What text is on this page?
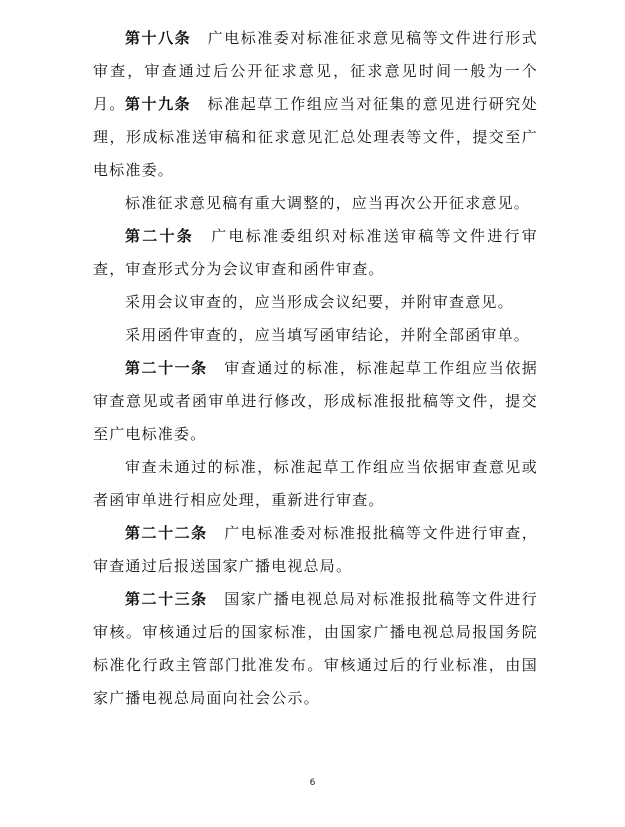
第十八条　广电标准委对标准征求意见稿等文件进行形式审查，审查通过后公开征求意见，征求意见时间一般为一个月。 第十九条　标准起草工作组应当对征集的意见进行研究处理，形成标准送审稿和征求意见汇总处理表等文件，提交至广电标准委。

标准征求意见稿有重大调整的，应当再次公开征求意见。

第二十条　广电标准委组织对标准送审稿等文件进行审查，审查形式分为会议审查和函件审查。

采用会议审查的，应当形成会议纪要，并附审查意见。

采用函件审查的，应当填写函审结论，并附全部函审单。

第二十一条　审查通过的标准，标准起草工作组应当依据审查意见或者函审单进行修改，形成标准报批稿等文件，提交至广电标准委。

审查未通过的标准，标准起草工作组应当依据审查意见或者函审单进行相应处理，重新进行审查。

第二十二条　广电标准委对标准报批稿等文件进行审查，审查通过后报送国家广播电视总局。

第二十三条　国家广播电视总局对标准报批稿等文件进行审核。审核通过后的国家标准，由国家广播电视总局报国务院标准化行政主管部门批准发布。审核通过后的行业标准，由国家广播电视总局面向社会公示。

6
